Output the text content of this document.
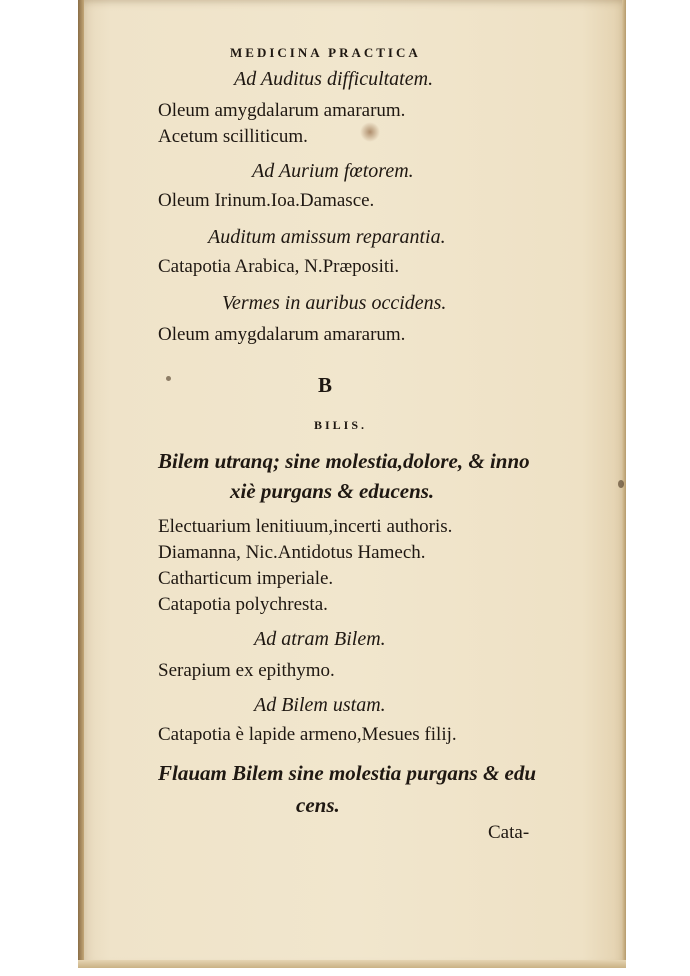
MEDICINA PRACTICA
Ad Auditus difficultatem.
Oleum amygdalarum amararum.
Acetum scilliticum.
Ad Aurium fœtorem.
Oleum Irinum.Ioa.Damasce.
Auditum amissum reparantia.
Catapotia Arabica, N.Præpositi.
Vermes in auribus occidens.
Oleum amygdalarum amararum.
B
BILIS.
Bilem utranq; sine molestia,dolore, & inno
xiè purgans & educens.
Electuarium lenitiuum,incerti authoris.
Diamanna, Nic.Antidotus Hamech.
Catharticum imperiale.
Catapotia polychresta.
Ad atram Bilem.
Serapium ex epithymo.
Ad Bilem ustam.
Catapotia è lapide armeno,Mesues filij.
Flauam Bilem sine molestia purgans & edu
cens.
Cata-
